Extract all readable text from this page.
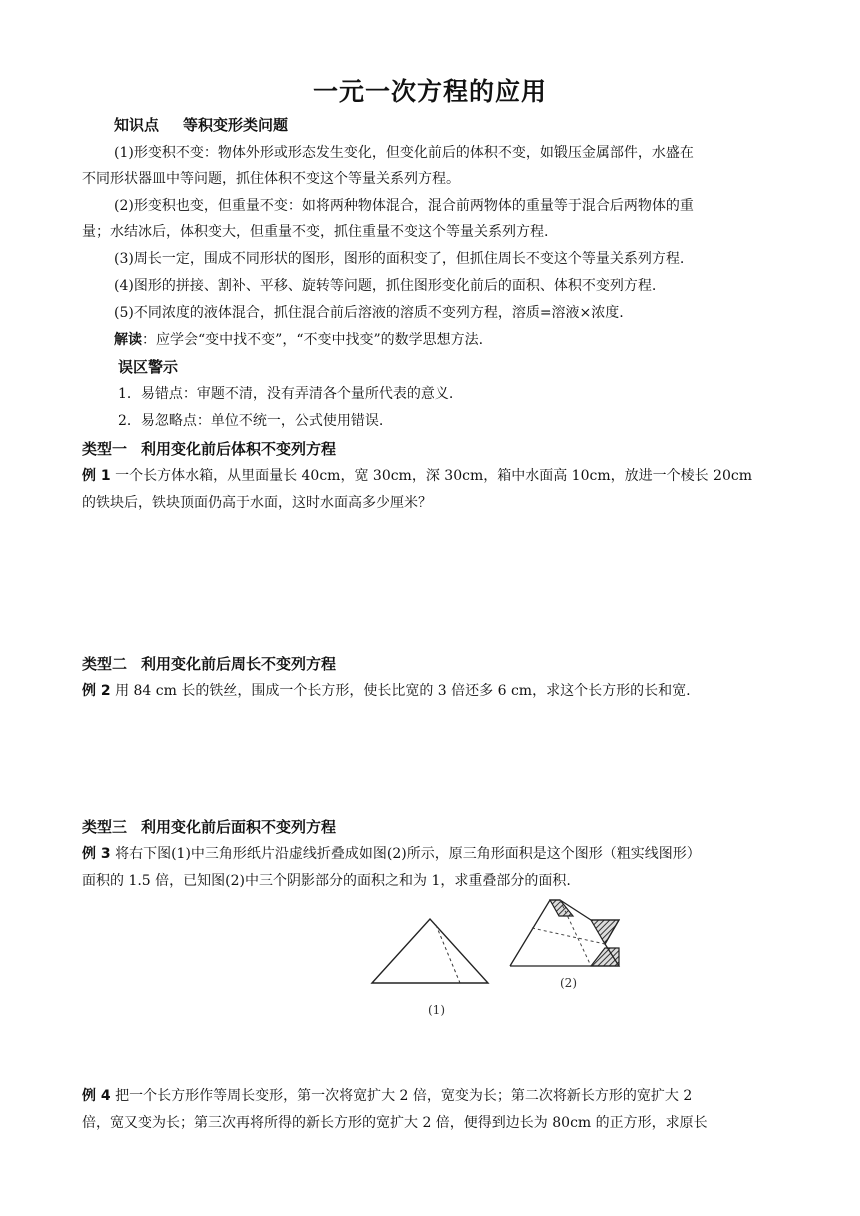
一元一次方程的应用
知识点 等积变形类问题
(1)形变积不变：物体外形或形态发生变化，但变化前后的体积不变，如锻压金属部件，水盛在
不同形状器皿中等问题，抓住体积不变这个等量关系列方程。
(2)形变积也变，但重量不变：如将两种物体混合，混合前两物体的重量等于混合后两物体的重
量；水结冰后，体积变大，但重量不变，抓住重量不变这个等量关系列方程.
(3)周长一定，围成不同形状的图形，图形的面积变了，但抓住周长不变这个等量关系列方程.
(4)图形的拼接、割补、平移、旋转等问题，抓住图形变化前后的面积、体积不变列方程.
(5)不同浓度的液体混合，抓住混合前后溶液的溶质不变列方程，溶质=溶液×浓度.
解读：应学会“变中找不变”，“不变中找变”的数学思想方法.
误区警示
1．易错点：审题不清，没有弄清各个量所代表的意义.
2．易忽略点：单位不统一，公式使用错误.
类型一 利用变化前后体积不变列方程
例 1 一个长方体水箱，从里面量长 40cm，宽 30cm，深 30cm，箱中水面高 10cm，放进一个棱长 20cm
的铁块后，铁块顶面仍高于水面，这时水面高多少厘米？
类型二 利用变化前后周长不变列方程
例 2 用 84 cm 长的铁丝，围成一个长方形，使长比宽的 3 倍还多 6 cm，求这个长方形的长和宽.
类型三 利用变化前后面积不变列方程
例 3 将右下图(1)中三角形纸片沿虚线折叠成如图(2)所示，原三角形面积是这个图形（粗实线图形）
面积的 1.5 倍，已知图(2)中三个阴影部分的面积之和为 1，求重叠部分的面积.
(1)
(2)
例 4 把一个长方形作等周长变形，第一次将宽扩大 2 倍，宽变为长；第二次将新长方形的宽扩大 2
倍，宽又变为长；第三次再将所得的新长方形的宽扩大 2 倍，便得到边长为 80cm 的正方形，求原长
